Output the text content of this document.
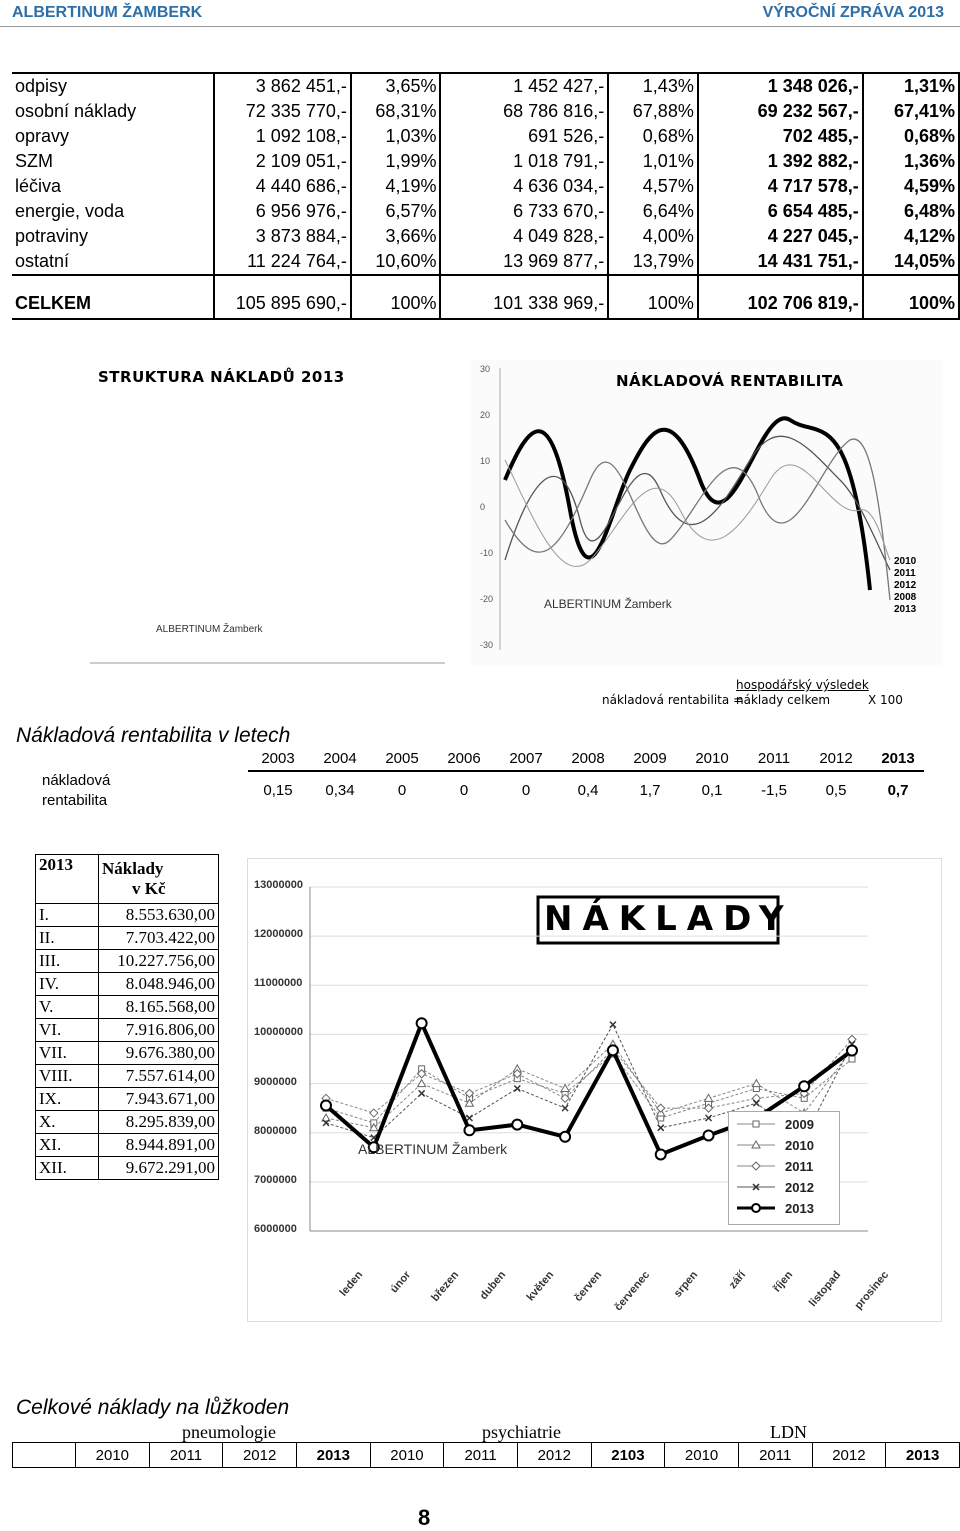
ALBERTINUM ŽAMBERK	VÝROČNÍ ZPRÁVA 2013
odpisy	3 862 451,-	3,65%	1 452 427,-	1,43%	1 348 026,-	1,31%
osobní náklady	72 335 770,-	68,31%	68 786 816,-	67,88%	69 232 567,-	67,41%
opravy	1 092 108,-	1,03%	691 526,-	0,68%	702 485,-	0,68%
SZM	2 109 051,-	1,99%	1 018 791,-	1,01%	1 392 882,-	1,36%
léčiva	4 440 686,-	4,19%	4 636 034,-	4,57%	4 717 578,-	4,59%
energie, voda	6 956 976,-	6,57%	6 733 670,-	6,64%	6 654 485,-	6,48%
potraviny	3 873 884,-	3,66%	4 049 828,-	4,00%	4 227 045,-	4,12%
ostatní	11 224 764,-	10,60%	13 969 877,-	13,79%	14 431 751,-	14,05%

CELKEM	105 895 690,-	100%	101 338 969,-	100%	102 706 819,-	100%
STRUKTURA NÁKLADŮ 2013
ALBERTINUM Žamberk
NÁKLADOVÁ RENTABILITA
ALBERTINUM Žamberk
30
20
10
0
-10
-20
-30
2010
2011
2012
2008
2013
hospodářský výsledek
nákladová rentabilita =
náklady celkem	X 100
Nákladová rentabilita v letech
nákladová
rentabilita
2003	2004	2005	2006	2007	2008	2009	2010	2011	2012	2013
0,15	0,34	0	0	0	0,4	1,7	0,1	-1,5	0,5	0,7
2013	Náklady
v Kč

I.	8.553.630,00
II.	7.703.422,00
III.	10.227.756,00
IV.	8.048.946,00
V.	8.165.568,00
VI.	7.916.806,00
VII.	9.676.380,00
VIII.	7.557.614,00
IX.	7.943.671,00
X.	8.295.839,00
XI.	8.944.891,00
XII.	9.672.291,00
NÁKLADY
ALBERTINUM Žamberk
13000000
12000000
11000000
10000000
9000000
8000000
7000000
6000000
leden	únor	březen	duben	květen	červen červenec	srpen	září	říjen	listopad prosinec
2009
2010
2011
2012
2013
Celkové náklady na lůžkoden
pneumologie	psychiatrie	LDN
2010	2011	2012	2013	2010	2011	2012	2103	2010	2011	2012	2013
8
